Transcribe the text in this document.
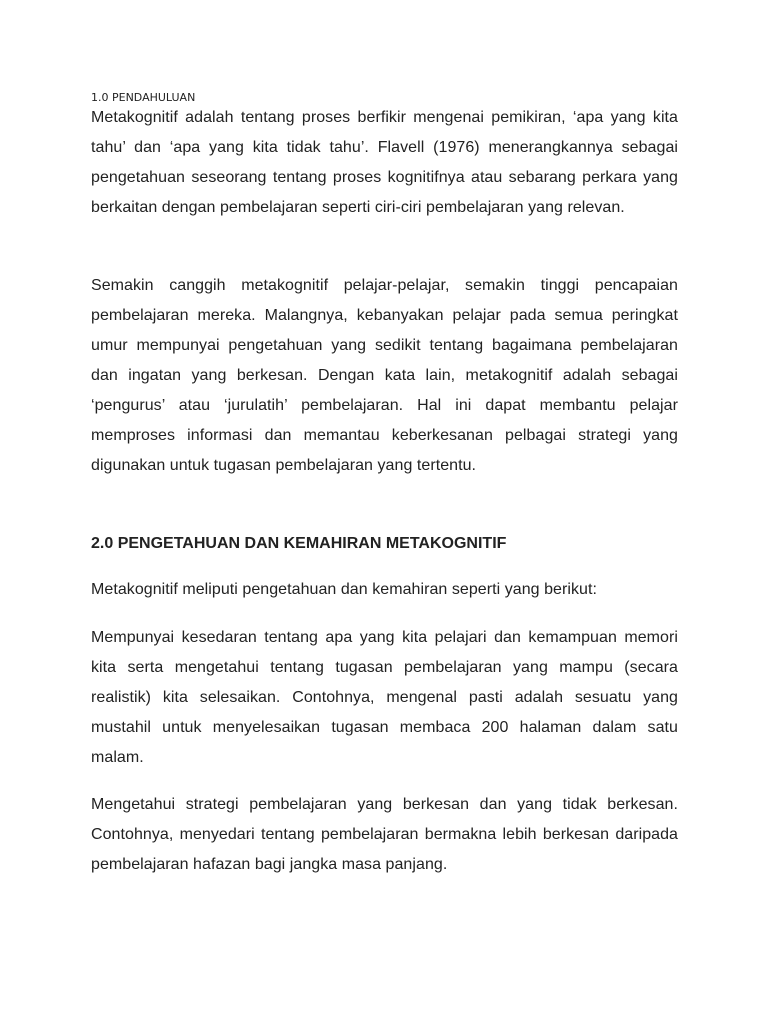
1.0 PENDAHULUAN

Metakognitif adalah tentang proses berfikir mengenai pemikiran, ‘apa yang kita tahu’ dan ‘apa yang kita tidak tahu’. Flavell (1976) menerangkannya sebagai pengetahuan seseorang tentang proses kognitifnya atau sebarang perkara yang berkaitan dengan pembelajaran seperti ciri-ciri pembelajaran yang relevan.

Semakin canggih metakognitif pelajar-pelajar, semakin tinggi pencapaian pembelajaran mereka. Malangnya, kebanyakan pelajar pada semua peringkat umur mempunyai pengetahuan yang sedikit tentang bagaimana pembelajaran dan ingatan yang berkesan. Dengan kata lain, metakognitif adalah sebagai ‘pengurus’ atau ‘jurulatih’ pembelajaran. Hal ini dapat membantu pelajar memproses informasi dan memantau keberkesanan pelbagai strategi yang digunakan untuk tugasan pembelajaran yang tertentu.

2.0 PENGETAHUAN DAN KEMAHIRAN METAKOGNITIF

Metakognitif meliputi pengetahuan dan kemahiran seperti yang berikut:

Mempunyai kesedaran tentang apa yang kita pelajari dan kemampuan memori kita serta mengetahui tentang tugasan pembelajaran yang mampu (secara realistik) kita selesaikan. Contohnya, mengenal pasti adalah sesuatu yang mustahil untuk menyelesaikan tugasan membaca 200 halaman dalam satu malam.

Mengetahui strategi pembelajaran yang berkesan dan yang tidak berkesan. Contohnya, menyedari tentang pembelajaran bermakna lebih berkesan daripada pembelajaran hafazan bagi jangka masa panjang.
